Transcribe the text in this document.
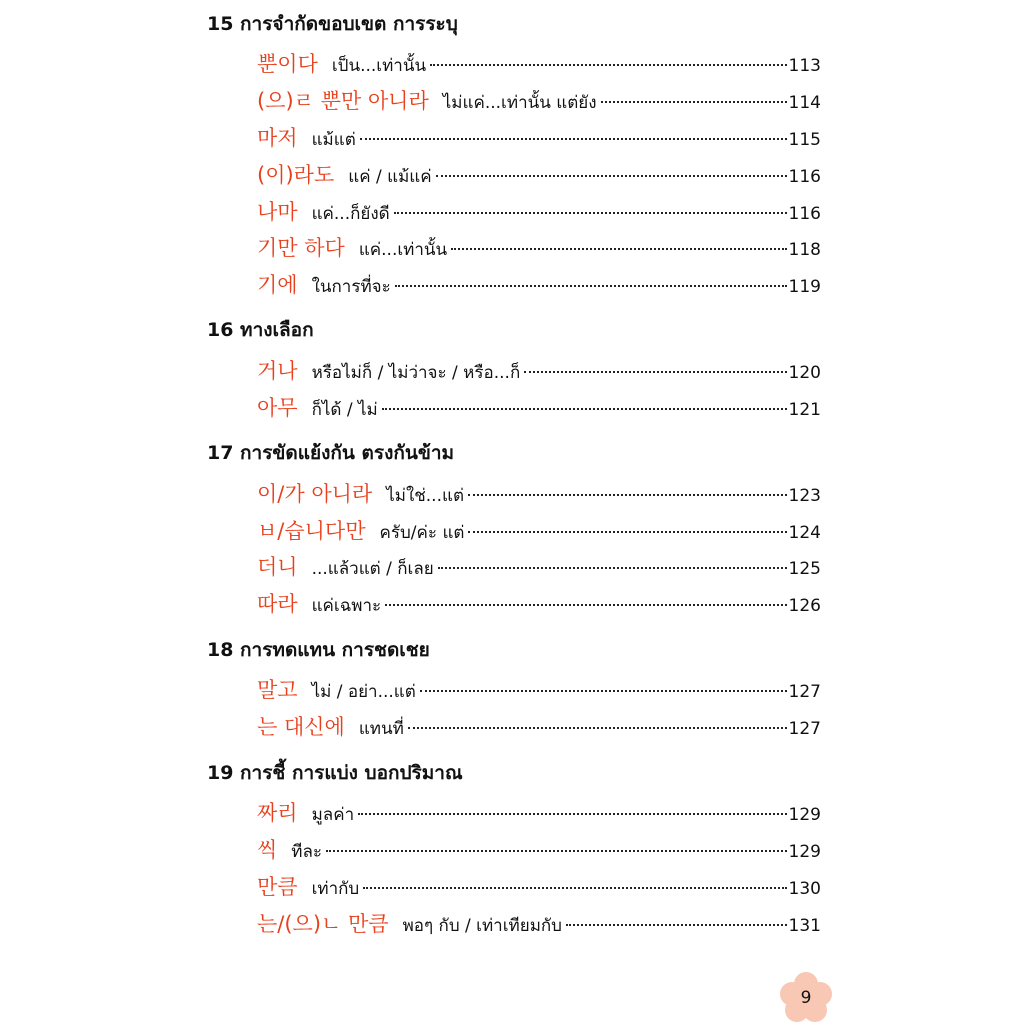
15 การจำกัดขอบเขต การระบุ
뿐이다 เป็น...เท่านั้น	113
(으)ㄹ 뿐만 아니라 ไม่แค่...เท่านั้น แต่ยัง	114
마저 แม้แต่	115
(이)라도 แค่ / แม้แค่	116
나마 แค่...ก็ยังดี	116
기만 하다 แค่...เท่านั้น	118
기에 ในการที่จะ	119
16 ทางเลือก
거나 หรือไม่ก็ / ไม่ว่าจะ / หรือ...ก็	120
아무 ก็ได้ / ไม่	121
17 การขัดแย้งกัน ตรงกันข้าม
이/가 아니라 ไม่ใช่...แต่	123
ㅂ/습니다만 ครับ/ค่ะ แต่	124
더니 ...แล้วแต่ / ก็เลย	125
따라 แค่เฉพาะ	126
18 การทดแทน การชดเชย
말고 ไม่ / อย่า...แต่	127
는 대신에 แทนที่	127
19 การชี้ การแบ่ง บอกปริมาณ
짜리 มูลค่า	129
씩 ทีละ	129
만큼 เท่ากับ	130
는/(으)ㄴ 만큼 พอๆ กับ / เท่าเทียมกับ	131
9
